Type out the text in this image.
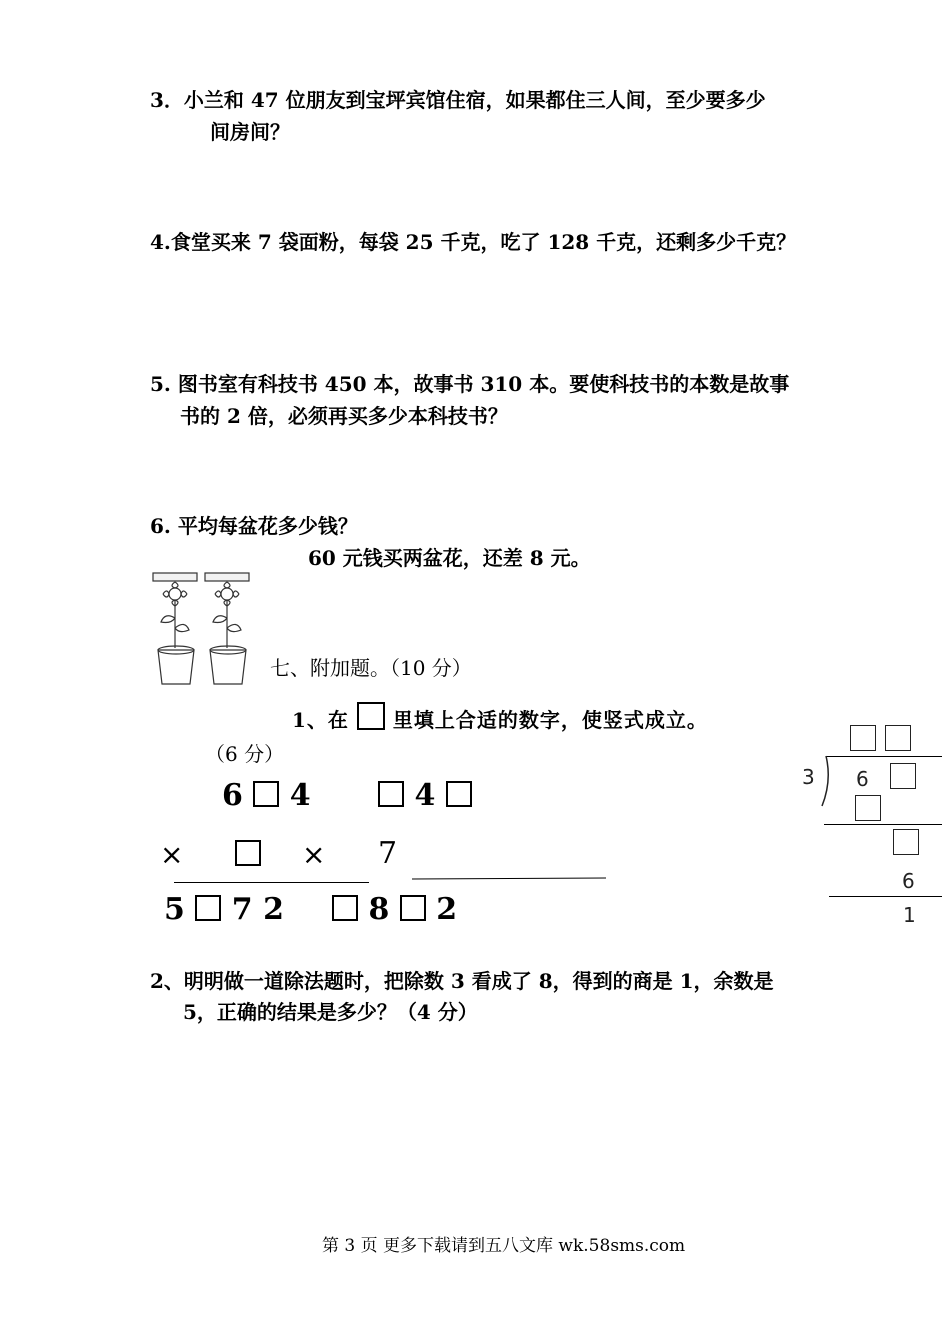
3．小兰和 47 位朋友到宝坪宾馆住宿，如果都住三人间，至少要多少
间房间？
4.食堂买来 7 袋面粉，每袋 25 千克，吃了 128 千克，还剩多少千克？
5. 图书室有科技书 450 本，故事书 310 本。要使科技书的本数是故事
书的 2 倍，必须再买多少本科技书？
6. 平均每盆花多少钱？
60 元钱买两盆花，还差 8 元。
七、附加题。（10 分）
1、在 里填上合适的数字，使竖式成立。
（6 分）
6 4
×
5 7 2
4
× 7
8 2
3 6
6
1
2、明明做一道除法题时，把除数 3 看成了 8，得到的商是 1，余数是
5，正确的结果是多少？（4 分）
第 3 页 更多下载请到五八文库 wk.58sms.com
